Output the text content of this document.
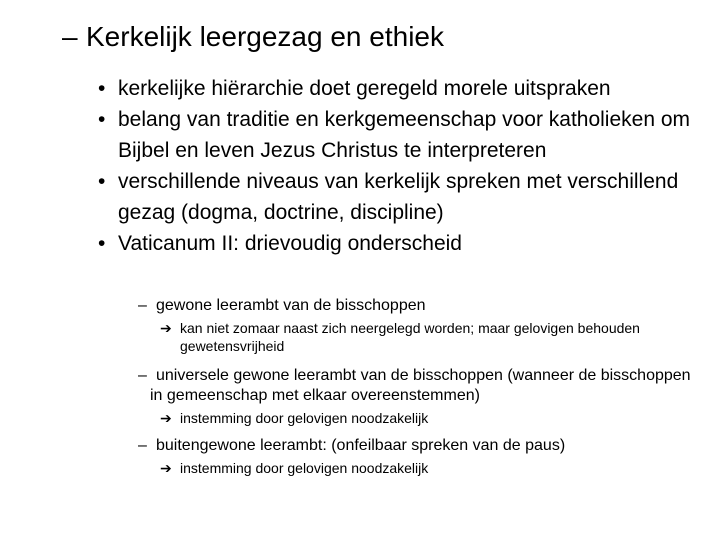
– Kerkelijk leergezag en ethiek
• kerkelijke hiërarchie doet geregeld morele uitspraken
• belang van traditie en kerkgemeenschap voor katholieken om Bijbel en leven Jezus Christus te interpreteren
• verschillende niveaus van kerkelijk spreken met verschillend gezag (dogma, doctrine, discipline)
• Vaticanum II: drievoudig onderscheid
– gewone leerambt van de bisschoppen
➔ kan niet zomaar naast zich neergelegd worden; maar gelovigen behouden gewetensvrijheid
– universele gewone leerambt van de bisschoppen (wanneer de bisschoppen in gemeenschap met elkaar overeenstemmen)
➔ instemming door gelovigen noodzakelijk
– buitengewone leerambt: (onfeilbaar spreken van de paus)
➔ instemming door gelovigen noodzakelijk
